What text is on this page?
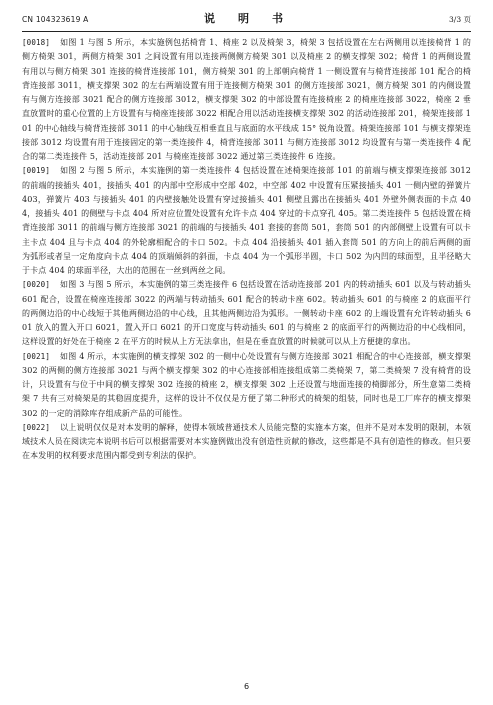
CN 104323619 A	说　明　书	3/3 页

[0018] 如图 1 与图 5 所示，本实施例包括椅背 1、椅座 2 以及椅架 3，椅架 3 包括设置在左右两侧用以连接椅背 1 的侧方椅架 301，两侧方椅架 301 之间设置有用以连接两侧侧方椅架 301 以及椅座 2 的横支撑架 302；椅背 1 的两侧设置有用以与侧方椅架 301 连接的椅背连接部 101，侧方椅架 301 的上部朝向椅背 1 一侧设置有与椅背连接部 101 配合的椅背连接部 3011，横支撑架 302 的左右两端设置有用于连接侧方椅架 301 的侧方连接部 3021，侧方椅架 301 的内侧设置有与侧方连接部 3021 配合的侧方连接部 3012，横支撑架 302 的中部设置有连接椅座 2 的椅座连接部 3022，椅座 2 垂直放置时的重心位置的上方设置有与椅座连接部 3022 相配合用以活动连接横支撑架 302 的活动连接部 201，椅架连接部 101 的中心轴线与椅背连接部 3011 的中心轴线互相垂直且与底面的水平线成 15° 锐角设置。椅架连接部 101 与横支撑架连接部 3012 均设置有用于连接固定的第一类连接件 4，椅背连接部 3011 与侧方连接部 3012 均设置有与第一类连接件 4 配合的第二类连接件 5，活动连接部 201 与椅座连接部 3022 通过第三类连接件 6 连接。

[0019] 如图 2 与图 5 所示，本实施例的第一类连接件 4 包括设置在述椅架连接部 101 的前端与横支撑架连接部 3012 的前端的接插头 401，接插头 401 的内部中空形成中空部 402，中空部 402 中设置有压紧接插头 401 一侧内壁的弹簧片 403，弹簧片 403 与接插头 401 的内壁接触处设置有穿过接插头 401 侧壁且露出在接插头 401 外壁外侧表面的卡点 404，接插头 401 的侧壁与卡点 404 所对应位置处设置有允许卡点 404 穿过的卡点穿孔 405。第二类连接件 5 包括设置在椅背连接部 3011 的前端与侧方连接部 3021 的前端的与接插头 401 套接的套筒 501，套筒 501 的内部侧壁上设置有可以卡主卡点 404 且与卡点 404 的外轮廓相配合的卡口 502。卡点 404 沿接插头 401 插入套筒 501 的方向上的前后两侧的面为弧形或者呈一定角度向卡点 404 的顶端倾斜的斜面，卡点 404 为一个弧形半圆，卡口 502 为内凹的球面型，且半径略大于卡点 404 的球面半径，大出的范围在一丝到两丝之间。

[0020] 如图 3 与图 5 所示，本实施例的第三类连接件 6 包括设置在活动连接部 201 内的转动插头 601 以及与转动插头 601 配合，设置在椅座连接部 3022 的两端与转动插头 601 配合的转动卡座 602。转动插头 601 的与椅座 2 的底面平行的两侧边沿的中心线短于其他两侧边沿的中心线，且其他两侧边沿为弧形。一侧转动卡座 602 的上端设置有允许转动插头 601 放入的置入开口 6021，置入开口 6021 的开口宽度与转动插头 601 的与椅座 2 的底面平行的两侧边沿的中心线相同，这样设置的好处在于椅座 2 在平方的时候从上方无法拿出，但是在垂直放置的时候就可以从上方便捷的拿出。

[0021] 如图 4 所示，本实施例的横支撑架 302 的一侧中心处设置有与侧方连接部 3021 相配合的中心连接部，横支撑架 302 的两侧的侧方连接部 3021 与两个横支撑架 302 的中心连接部相连接组成第二类椅架 7，第二类椅架 7 没有椅背的设计，只设置有与位于中间的横支撑架 302 连接的椅座 2，横支撑架 302 上还设置与地面连接的椅脚部分，所生意第二类椅架 7 共有三对椅架是的其稳固度提升，这样的设计不仅仅是方便了第二种形式的椅架的组装，同时也是工厂库存的横支撑架 302 的一定的消除库存组成新产品的可能性。

[0022] 以上说明仅仅是对本发明的解释，使得本领域普通技术人员能完整的实施本方案，但并不是对本发明的限制，本领域技术人员在阅读完本说明书后可以根据需要对本实施例做出没有创造性贡献的修改，这些都是不具有创造性的修改。但只要在本发明的权利要求范围内都受到专利法的保护。

6
